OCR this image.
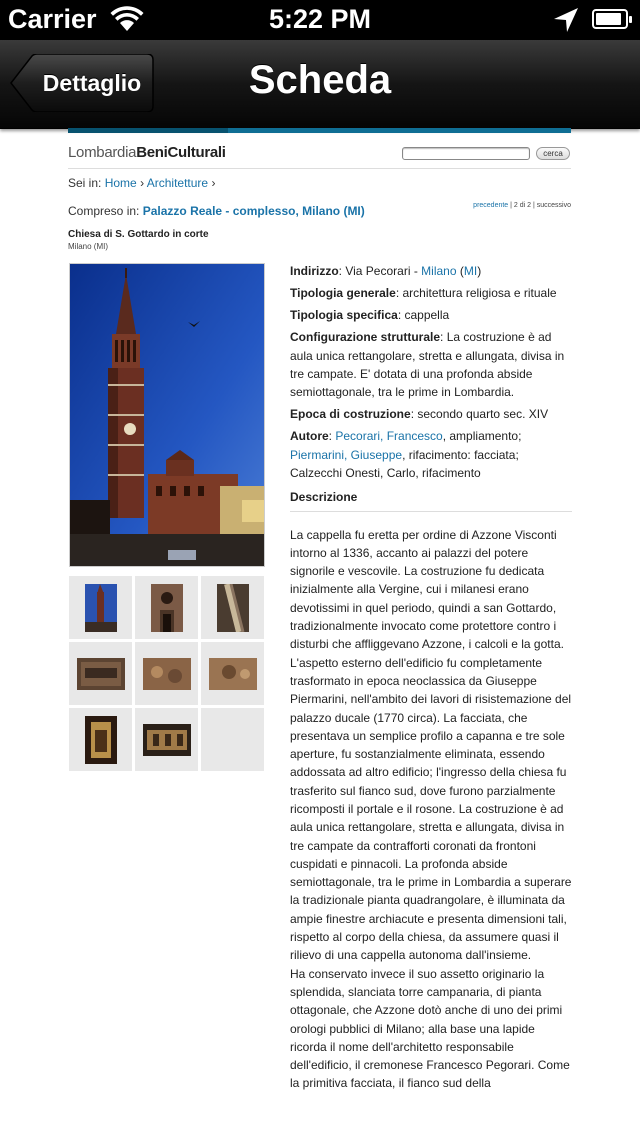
Carrier	5:22 PM
Dettaglio	Scheda
LombardiaBeniCulturali	cerca
Sei in: Home › Architetture ›
Compreso in: Palazzo Reale - complesso, Milano (MI)	precedente | 2 di 2 | successivo
Chiesa di S. Gottardo in corte
Milano (MI)

Indirizzo: Via Pecorari - Milano (MI)

Tipologia generale: architettura religiosa e rituale

Tipologia specifica: cappella

Configurazione strutturale: La costruzione è ad aula unica rettangolare, stretta e allungata, divisa in tre campate. E' dotata di una profonda abside semiottagonale, tra le prime in Lombardia.

Epoca di costruzione: secondo quarto sec. XIV

Autore: Pecorari, Francesco, ampliamento; Piermarini, Giuseppe, rifacimento: facciata; Calzecchi Onesti, Carlo, rifacimento

Descrizione
La cappella fu eretta per ordine di Azzone Visconti intorno al 1336, accanto ai palazzi del potere signorile e vescovile. La costruzione fu dedicata inizialmente alla Vergine, cui i milanesi erano devotissimi in quel periodo, quindi a san Gottardo, tradizionalmente invocato come protettore contro i disturbi che affliggevano Azzone, i calcoli e la gotta.
L'aspetto esterno dell'edificio fu completamente trasformato in epoca neoclassica da Giuseppe Piermarini, nell'ambito dei lavori di risistemazione del palazzo ducale (1770 circa). La facciata, che presentava un semplice profilo a capanna e tre sole aperture, fu sostanzialmente eliminata, essendo addossata ad altro edificio; l'ingresso della chiesa fu trasferito sul fianco sud, dove furono parzialmente ricomposti il portale e il rosone. La costruzione è ad aula unica rettangolare, stretta e allungata, divisa in tre campate da contrafforti coronati da frontoni cuspidati e pinnacoli. La profonda abside semiottagonale, tra le prime in Lombardia a superare la tradizionale pianta quadrangolare, è illuminata da ampie finestre archiacute e presenta dimensioni tali, rispetto al corpo della chiesa, da assumere quasi il rilievo di una cappella autonoma dall'insieme.
Ha conservato invece il suo assetto originario la splendida, slanciata torre campanaria, di pianta ottagonale, che Azzone dotò anche di uno dei primi orologi pubblici di Milano; alla base una lapide ricorda il nome dell'architetto responsabile dell'edificio, il cremonese Francesco Pegorari. Come la primitiva facciata, il fianco sud della
